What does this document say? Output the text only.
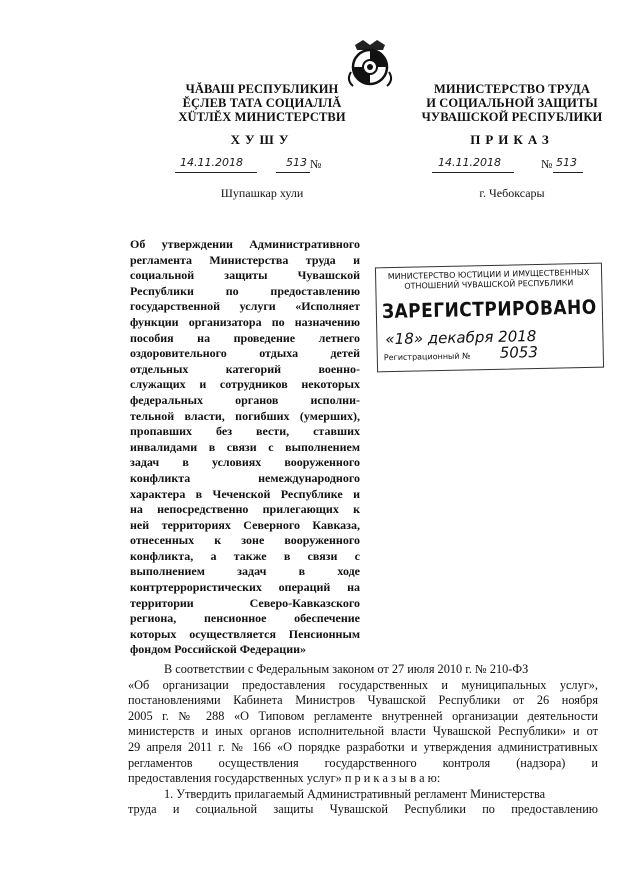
ЧĂВАШ РЕСПУБЛИКИН
ĔÇЛЕВ ТАТА СОЦИАЛЛĂ
ХÜТЛĔХ МИНИСТЕРСТВИ
МИНИСТЕРСТВО ТРУДА
И СОЦИАЛЬНОЙ ЗАЩИТЫ
ЧУВАШСКОЙ РЕСПУБЛИКИ
ХУШУ	ПРИКАЗ
14.11.2018	513 №	14.11.2018	№ 513
Шупашкар хули	г. Чебоксары
Об утверждении Административного
регламента Министерства труда и
социальной защиты Чувашской
Республики по предоставлению
государственной услуги «Исполняет
функции организатора по назначению
пособия на проведение летнего
оздоровительного отдыха детей
отдельных категорий военно-
служащих и сотрудников некоторых
федеральных органов исполни-
тельной власти, погибших (умерших),
пропавших без вести, ставших
инвалидами в связи с выполнением
задач в условиях вооруженного
конфликта немеждународного
характера в Чеченской Республике и
на непосредственно прилегающих к
ней территориях Северного Кавказа,
отнесенных к зоне вооруженного
конфликта, а также в связи с
выполнением задач в ходе
контртеррористических операций на
территории Северо-Кавказского
региона, пенсионное обеспечение
которых осуществляется Пенсионным
фондом Российской Федерации»
МИНИСТЕРСТВО ЮСТИЦИИ И ИМУЩЕСТВЕННЫХ
ОТНОШЕНИЙ ЧУВАШСКОЙ РЕСПУБЛИКИ
ЗАРЕГИСТРИРОВАНО
«18» декабря 2018
Регистрационный № 5053
В соответствии с Федеральным законом от 27 июля 2010 г. № 210-ФЗ
«Об организации предоставления государственных и муниципальных услуг»,
постановлениями Кабинета Министров Чувашской Республики от 26 ноября
2005 г. № 288 «О Типовом регламенте внутренней организации деятельности
министерств и иных органов исполнительной власти Чувашской Республики» и от
29 апреля 2011 г. № 166 «О порядке разработки и утверждения административных
регламентов осуществления государственного контроля (надзора) и
предоставления государственных услуг» п р и к а з ы в а ю:
1. Утвердить прилагаемый Административный регламент Министерства
труда и социальной защиты Чувашской Республики по предоставлению
